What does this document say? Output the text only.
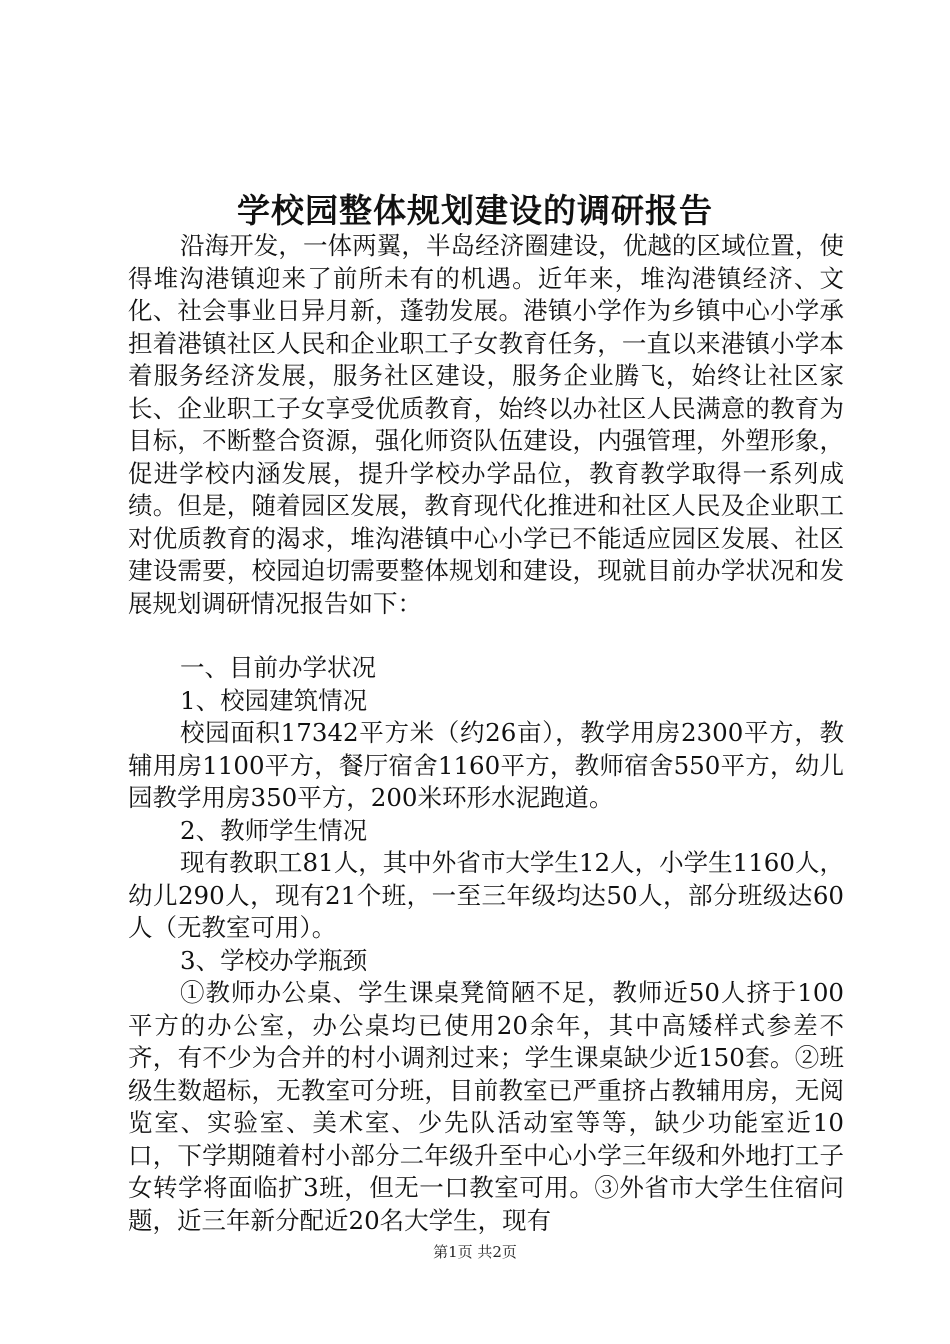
学校园整体规划建设的调研报告

沿海开发，一体两翼，半岛经济圈建设，优越的区域位置，使得堆沟港镇迎来了前所未有的机遇。近年来，堆沟港镇经济、文化、社会事业日异月新，蓬勃发展。港镇小学作为乡镇中心小学承担着港镇社区人民和企业职工子女教育任务，一直以来港镇小学本着服务经济发展，服务社区建设，服务企业腾飞，始终让社区家长、企业职工子女享受优质教育，始终以办社区人民满意的教育为目标，不断整合资源，强化师资队伍建设，内强管理，外塑形象，促进学校内涵发展，提升学校办学品位，教育教学取得一系列成绩。但是，随着园区发展，教育现代化推进和社区人民及企业职工对优质教育的渴求，堆沟港镇中心小学已不能适应园区发展、社区建设需要，校园迫切需要整体规划和建设，现就目前办学状况和发展规划调研情况报告如下：

一、目前办学状况

1、校园建筑情况

校园面积17342平方米（约26亩），教学用房2300平方，教辅用房1100平方，餐厅宿舍1160平方，教师宿舍550平方，幼儿园教学用房350平方，200米环形水泥跑道。

2、教师学生情况

现有教职工81人，其中外省市大学生12人，小学生1160人，幼儿290人，现有21个班，一至三年级均达50人，部分班级达60人（无教室可用）。

3、学校办学瓶颈

①教师办公桌、学生课桌凳简陋不足，教师近50人挤于100平方的办公室，办公桌均已使用20余年，其中高矮样式参差不齐，有不少为合并的村小调剂过来；学生课桌缺少近150套。②班级生数超标，无教室可分班，目前教室已严重挤占教辅用房，无阅览室、实验室、美术室、少先队活动室等等，缺少功能室近10口，下学期随着村小部分二年级升至中心小学三年级和外地打工子女转学将面临扩3班，但无一口教室可用。③外省市大学生住宿问题，近三年新分配近20名大学生，现有

第1页 共2页
